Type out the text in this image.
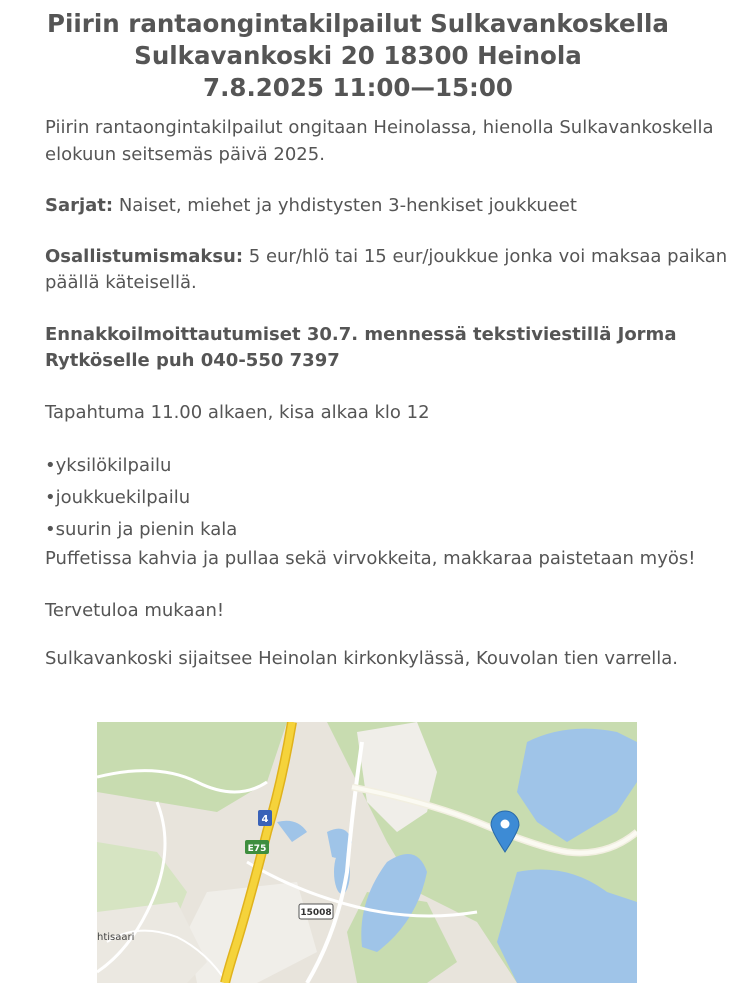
Piirin rantaongintakilpailut Sulkavankoskella
Sulkavankoski 20 18300 Heinola
7.8.2025 11:00—15:00

Piirin rantaongintakilpailut ongitaan Heinolassa, hienolla Sulkavankoskella elokuun seitsemäs päivä 2025.

Sarjat: Naiset, miehet ja yhdistysten 3-henkiset joukkueet

Osallistumismaksu: 5 eur/hlö tai 15 eur/joukkue jonka voi maksaa paikan päällä käteisellä.

Ennakkoilmoittautumiset 30.7. mennessä tekstiviestillä Jorma Rytköselle puh 040-550 7397

Tapahtuma 11.00 alkaen, kisa alkaa klo 12

•yksilökilpailu
•joukkuekilpailu
•suurin ja pienin kala

Puffetissa kahvia ja pullaa sekä virvokkeita, makkaraa paistetaan myös!

Tervetuloa mukaan!

Sulkavankoski sijaitsee Heinolan kirkonkylässä, Kouvolan tien varrella.

4
E75
15008
htisaari
